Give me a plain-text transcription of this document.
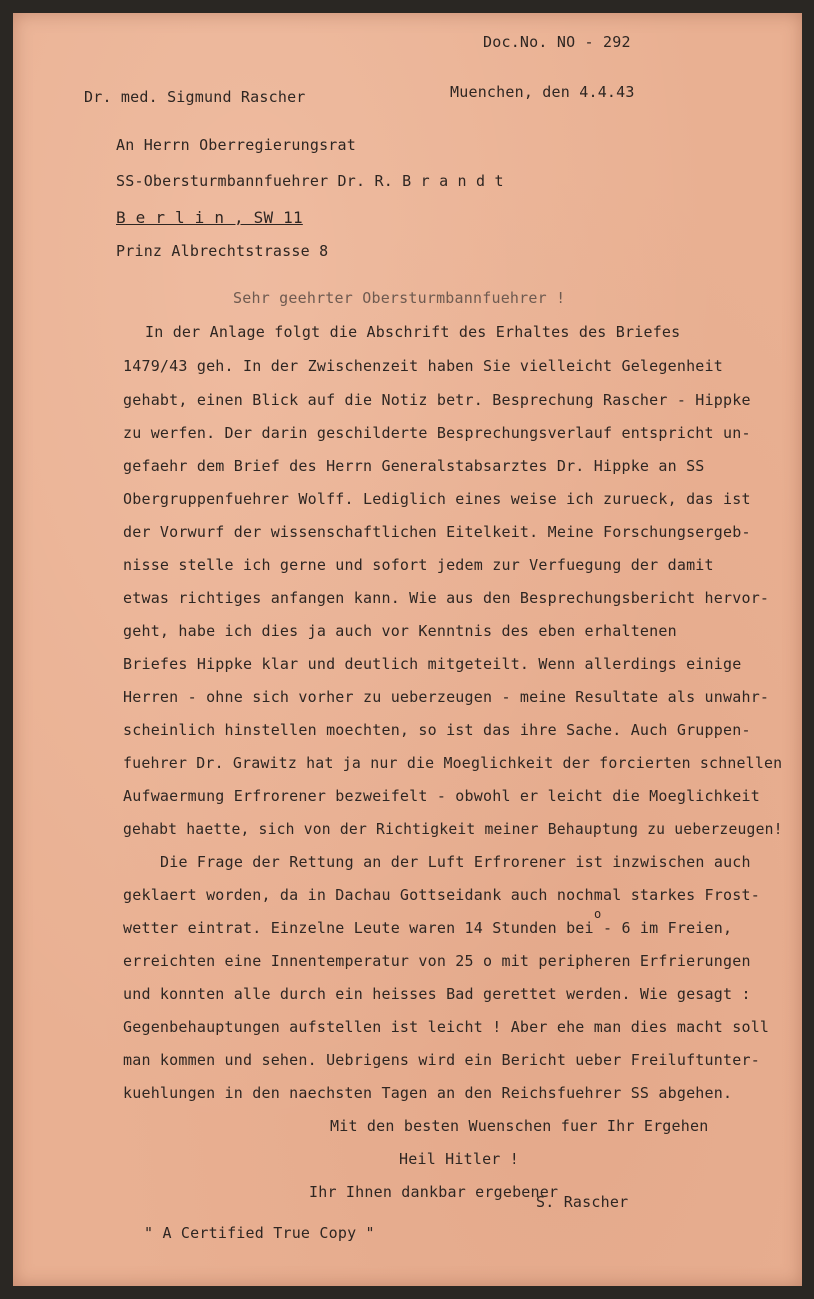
Doc.No. NO - 292
Dr. med. Sigmund Rascher	Muenchen, den 4.4.43
An Herrn Oberregierungsrat
SS-Obersturmbannfuehrer Dr. R. B r a n d t
B e r l i n , SW 11
Prinz Albrechtstrasse 8
Sehr geehrter Obersturmbannfuehrer !
In der Anlage folgt die Abschrift des Erhaltes des Briefes
1479/43 geh. In der Zwischenzeit haben Sie vielleicht Gelegenheit
gehabt, einen Blick auf die Notiz betr. Besprechung Rascher - Hippke
zu werfen. Der darin geschilderte Besprechungsverlauf entspricht un-
gefaehr dem Brief des Herrn Generalstabsarztes Dr. Hippke an SS
Obergruppenfuehrer Wolff. Lediglich eines weise ich zurueck, das ist
der Vorwurf der wissenschaftlichen Eitelkeit. Meine Forschungsergeb-
nisse stelle ich gerne und sofort jedem zur Verfuegung der damit
etwas richtiges anfangen kann. Wie aus den Besprechungsbericht hervor-
geht, habe ich dies ja auch vor Kenntnis des eben erhaltenen
Briefes Hippke klar und deutlich mitgeteilt. Wenn allerdings einige
Herren - ohne sich vorher zu ueberzeugen - meine Resultate als unwahr-
scheinlich hinstellen moechten, so ist das ihre Sache. Auch Gruppen-
fuehrer Dr. Grawitz hat ja nur die Moeglichkeit der forcierten schnellen
Aufwaermung Erfrorener bezweifelt - obwohl er leicht die Moeglichkeit
gehabt haette, sich von der Richtigkeit meiner Behauptung zu ueberzeugen!
Die Frage der Rettung an der Luft Erfrorener ist inzwischen auch
geklaert worden, da in Dachau Gottseidank auch nochmal starkes Frost-
o
wetter eintrat. Einzelne Leute waren 14 Stunden bei - 6 im Freien,
erreichten eine Innentemperatur von 25 o mit peripheren Erfrierungen
und konnten alle durch ein heisses Bad gerettet werden. Wie gesagt :
Gegenbehauptungen aufstellen ist leicht ! Aber ehe man dies macht soll
man kommen und sehen. Uebrigens wird ein Bericht ueber Freiluftunter-
kuehlungen in den naechsten Tagen an den Reichsfuehrer SS abgehen.
Mit den besten Wuenschen fuer Ihr Ergehen
Heil Hitler !
Ihr Ihnen dankbar ergebener
S. Rascher
" A Certified True Copy "
